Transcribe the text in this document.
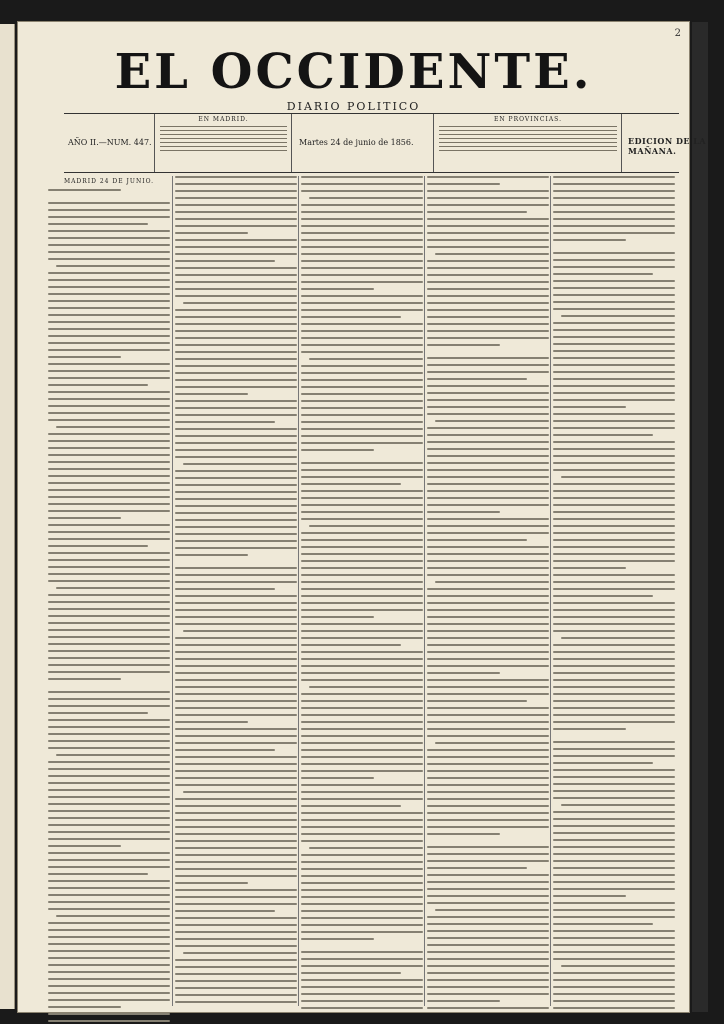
2
EL OCCIDENTE.
DIARIO POLITICO
AÑO II.—NUM. 447.
EN MADRID.
Martes 24 de junio de 1856.
EN PROVINCIAS.
EDICION DE LA MAÑANA.
MADRID 24 DE JUNIO.
